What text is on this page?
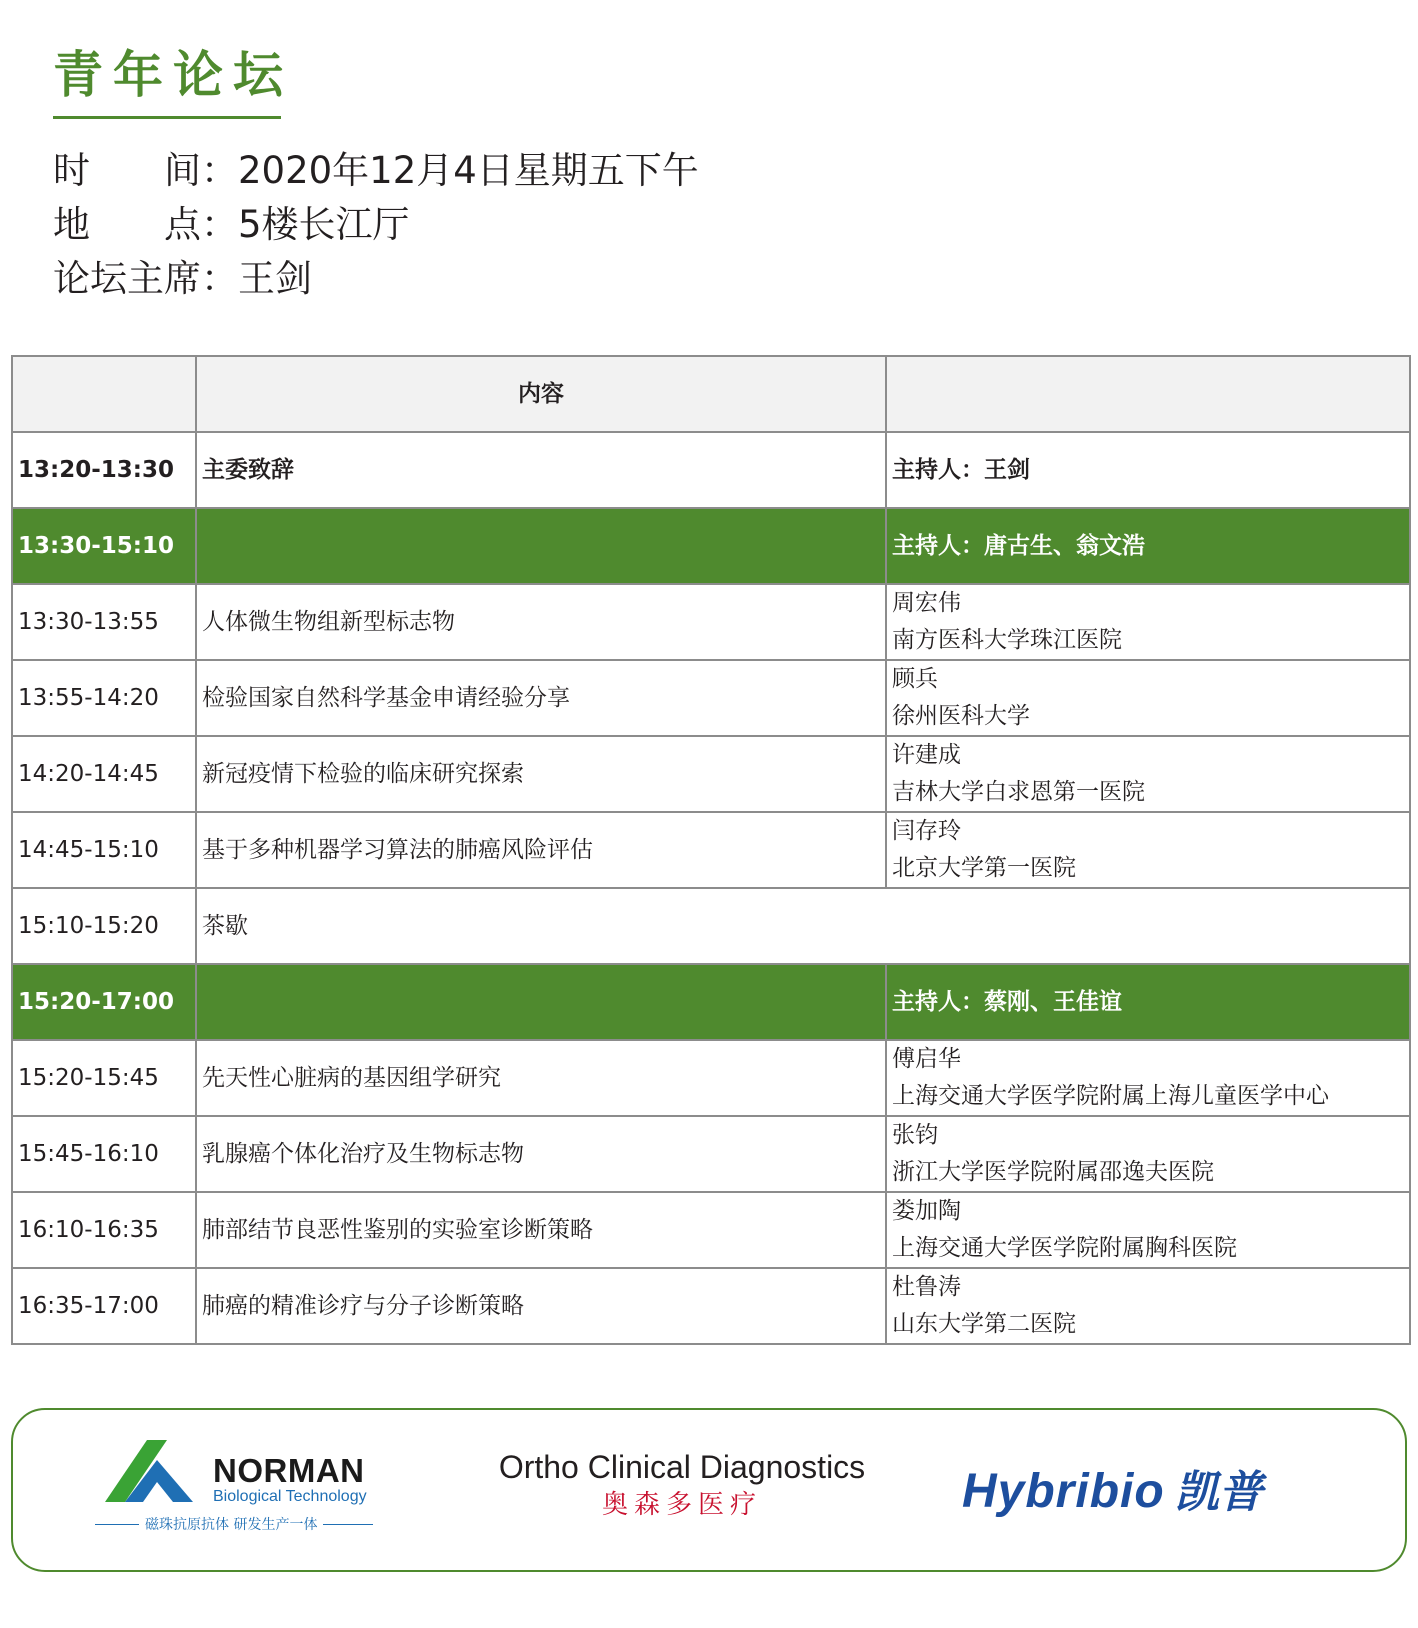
青年论坛
时　　间：2020年12月4日星期五下午
地　　点：5楼长江厅
论坛主席：王剑
	内容	
13:20-13:30	主委致辞	主持人：王剑
13:30-15:10		主持人：唐古生、翁文浩
13:30-13:55	人体微生物组新型标志物	周宏伟
南方医科大学珠江医院

13:55-14:20	检验国家自然科学基金申请经验分享	顾兵
徐州医科大学

14:20-14:45	新冠疫情下检验的临床研究探索	许建成
吉林大学白求恩第一医院

14:45-15:10	基于多种机器学习算法的肺癌风险评估	闫存玲
北京大学第一医院

15:10-15:20	茶歇	
15:20-17:00		主持人：蔡刚、王佳谊
15:20-15:45	先天性心脏病的基因组学研究	傅启华
上海交通大学医学院附属上海儿童医学中心

15:45-16:10	乳腺癌个体化治疗及生物标志物	张钧
浙江大学医学院附属邵逸夫医院

16:10-16:35	肺部结节良恶性鉴别的实验室诊断策略	娄加陶
上海交通大学医学院附属胸科医院

16:35-17:00	肺癌的精准诊疗与分子诊断策略	杜鲁涛
山东大学第二医院
NORMAN
Biological Technology
磁珠抗原抗体 研发生产一体
Ortho Clinical Diagnostics
奥森多医疗	Hybribio 凯普
